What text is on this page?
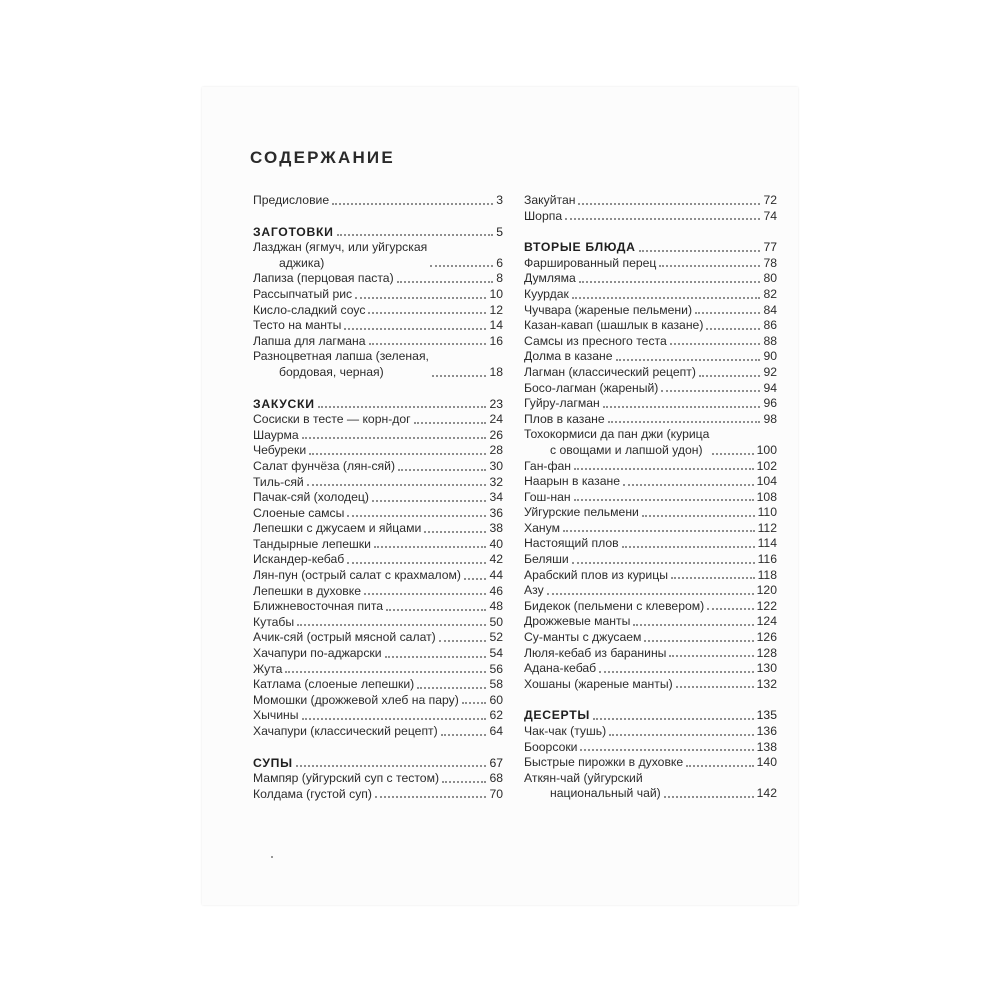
СОДЕРЖАНИЕ
Предисловие	3
ЗАГОТОВКИ	5
Лазджан (ягмуч, или уйгурская
аджика)	6
Лапиза (перцовая паста)	8
Рассыпчатый рис	10
Кисло-сладкий соус	12
Тесто на манты	14
Лапша для лагмана	16
Разноцветная лапша (зеленая,
бордовая, черная)	18
ЗАКУСКИ	23
Сосиски в тесте — корн-дог	24
Шаурма	26
Чебуреки	28
Салат фунчёза (лян-сяй)	30
Тиль-сяй	32
Пачак-сяй (холодец)	34
Слоеные самсы	36
Лепешки с джусаем и яйцами	38
Тандырные лепешки	40
Искандер-кебаб	42
Лян-пун (острый салат с крахмалом) 44
Лепешки в духовке	46
Ближневосточная пита	48
Кутабы	50
Ачик-сяй (острый мясной салат)	52
Хачапури по-аджарски	54
Жута	56
Катлама (слоеные лепешки)	58
Момошки (дрожжевой хлеб на пару)	60
Хычины	62
Хачапури (классический рецепт)	64
СУПЫ	67
Мампяр (уйгурский суп с тестом)	68
Колдама (густой суп)	70
Закуйтан	72
Шорпа	74
ВТОРЫЕ БЛЮДА	77
Фаршированный перец	78
Думляма	80
Куурдак	82
Чучвара (жареные пельмени)	84
Казан-кавап (шашлык в казане)	86
Самсы из пресного теста	88
Долма в казане	90
Лагман (классический рецепт)	92
Босо-лагман (жареный)	94
Гуйру-лагман	96
Плов в казане	98
Тохокормиси да пан джи (курица
с овощами и лапшой удон)	100
Ган-фан	102
Наарын в казане	104
Гош-нан	108
Уйгурские пельмени	110
Ханум	112
Настоящий плов	114
Беляши	116
Арабский плов из курицы	118
Азу	120
Бидекок (пельмени с клевером)	122
Дрожжевые манты	124
Су-манты с джусаем	126
Люля-кебаб из баранины	128
Адана-кебаб	130
Хошаны (жареные манты)	132
ДЕСЕРТЫ	135
Чак-чак (тушь)	136
Боорсоки	138
Быстрые пирожки в духовке	140
Аткян-чай (уйгурский
национальный чай)	142
